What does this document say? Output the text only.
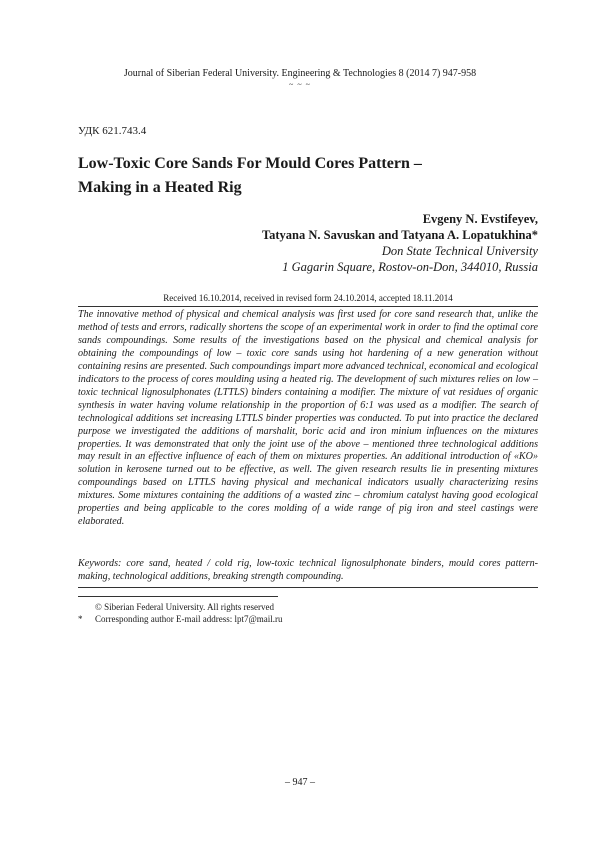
Journal of Siberian Federal University. Engineering & Technologies 8 (2014 7) 947-958
~ ~ ~
УДК 621.743.4
Low-Toxic Core Sands For Mould Cores Pattern –
Making in a Heated Rig
Evgeny N. Evstifeyev,
Tatyana N. Savuskan and Tatyana A. Lopatukhina*
Don State Technical University
1 Gagarin Square, Rostov-on-Don, 344010, Russia
Received 16.10.2014, received in revised form 24.10.2014, accepted 18.11.2014
The innovative method of physical and chemical analysis was first used for core sand research that, unlike the method of tests and errors, radically shortens the scope of an experimental work in order to find the optimal core sands compoundings. Some results of the investigations based on the physical and chemical analysis for obtaining the compoundings of low – toxic core sands using hot hardening of a new generation without containing resins are presented. Such compoundings impart more advanced technical, economical and ecological indicators to the process of cores moulding using a heated rig. The development of such mixtures relies on low – toxic technical lignosulphonates (LTTLS) binders containing a modifier. The mixture of vat residues of organic synthesis in water having volume relationship in the proportion of 6:1 was used as a modifier. The search of technological additions set increasing LTTLS binder properties was conducted. To put into practice the declared purpose we investigated the additions of marshalit, boric acid and iron minium influences on the mixtures properties. It was demonstrated that only the joint use of the above – mentioned three technological additions may result in an effective influence of each of them on mixtures properties. An additional introduction of «KO» solution in kerosene turned out to be effective, as well. The given research results lie in presenting mixtures compoundings based on LTTLS having physical and mechanical indicators usually characterizing resins mixtures. Some mixtures containing the additions of a wasted zinc – chromium catalyst having good ecological properties and being applicable to the cores molding of a wide range of pig iron and steel castings were elaborated.
Keywords: core sand, heated / cold rig, low-toxic technical lignosulphonate binders, mould cores pattern-making, technological additions, breaking strength compounding.
© Siberian Federal University. All rights reserved
* Corresponding author E-mail address: lpt7@mail.ru
– 947 –
